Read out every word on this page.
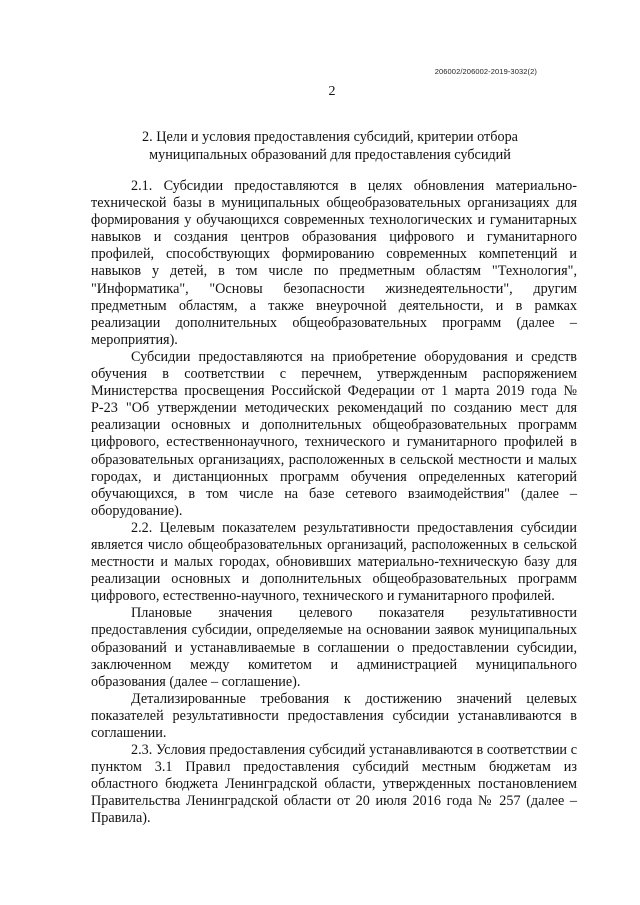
206002/206002-2019-3032(2)
2
2. Цели и условия предоставления субсидий, критерии отбора
муниципальных образований для предоставления субсидий

2.1. Субсидии предоставляются в целях обновления материально-технической базы в муниципальных общеобразовательных организациях для формирования у обучающихся современных технологических и гуманитарных навыков и создания центров образования цифрового и гуманитарного профилей, способствующих формированию современных компетенций и навыков у детей, в том числе по предметным областям "Технология", "Информатика", "Основы безопасности жизнедеятельности", другим предметным областям, а также внеурочной деятельности, и в рамках реализации дополнительных общеобразовательных программ (далее – мероприятия).

Субсидии предоставляются на приобретение оборудования и средств обучения в соответствии с перечнем, утвержденным распоряжением Министерства просвещения Российской Федерации от 1 марта 2019 года № Р-23 "Об утверждении методических рекомендаций по созданию мест для реализации основных и дополнительных общеобразовательных программ цифрового, естественнонаучного, технического и гуманитарного профилей в образовательных организациях, расположенных в сельской местности и малых городах, и дистанционных программ обучения определенных категорий обучающихся, в том числе на базе сетевого взаимодействия" (далее – оборудование).

2.2. Целевым показателем результативности предоставления субсидии является число общеобразовательных организаций, расположенных в сельской местности и малых городах, обновивших материально-техническую базу для реализации основных и дополнительных общеобразовательных программ цифрового, естественно-научного, технического и гуманитарного профилей.

Плановые значения целевого показателя результативности предоставления субсидии, определяемые на основании заявок муниципальных образований и устанавливаемые в соглашении о предоставлении субсидии, заключенном между комитетом и администрацией муниципального образования (далее – соглашение).

Детализированные требования к достижению значений целевых показателей результативности предоставления субсидии устанавливаются в соглашении.

2.3. Условия предоставления субсидий устанавливаются в соответствии с пунктом 3.1 Правил предоставления субсидий местным бюджетам из областного бюджета Ленинградской области, утвержденных постановлением Правительства Ленинградской области от 20 июля 2016 года № 257 (далее – Правила).
